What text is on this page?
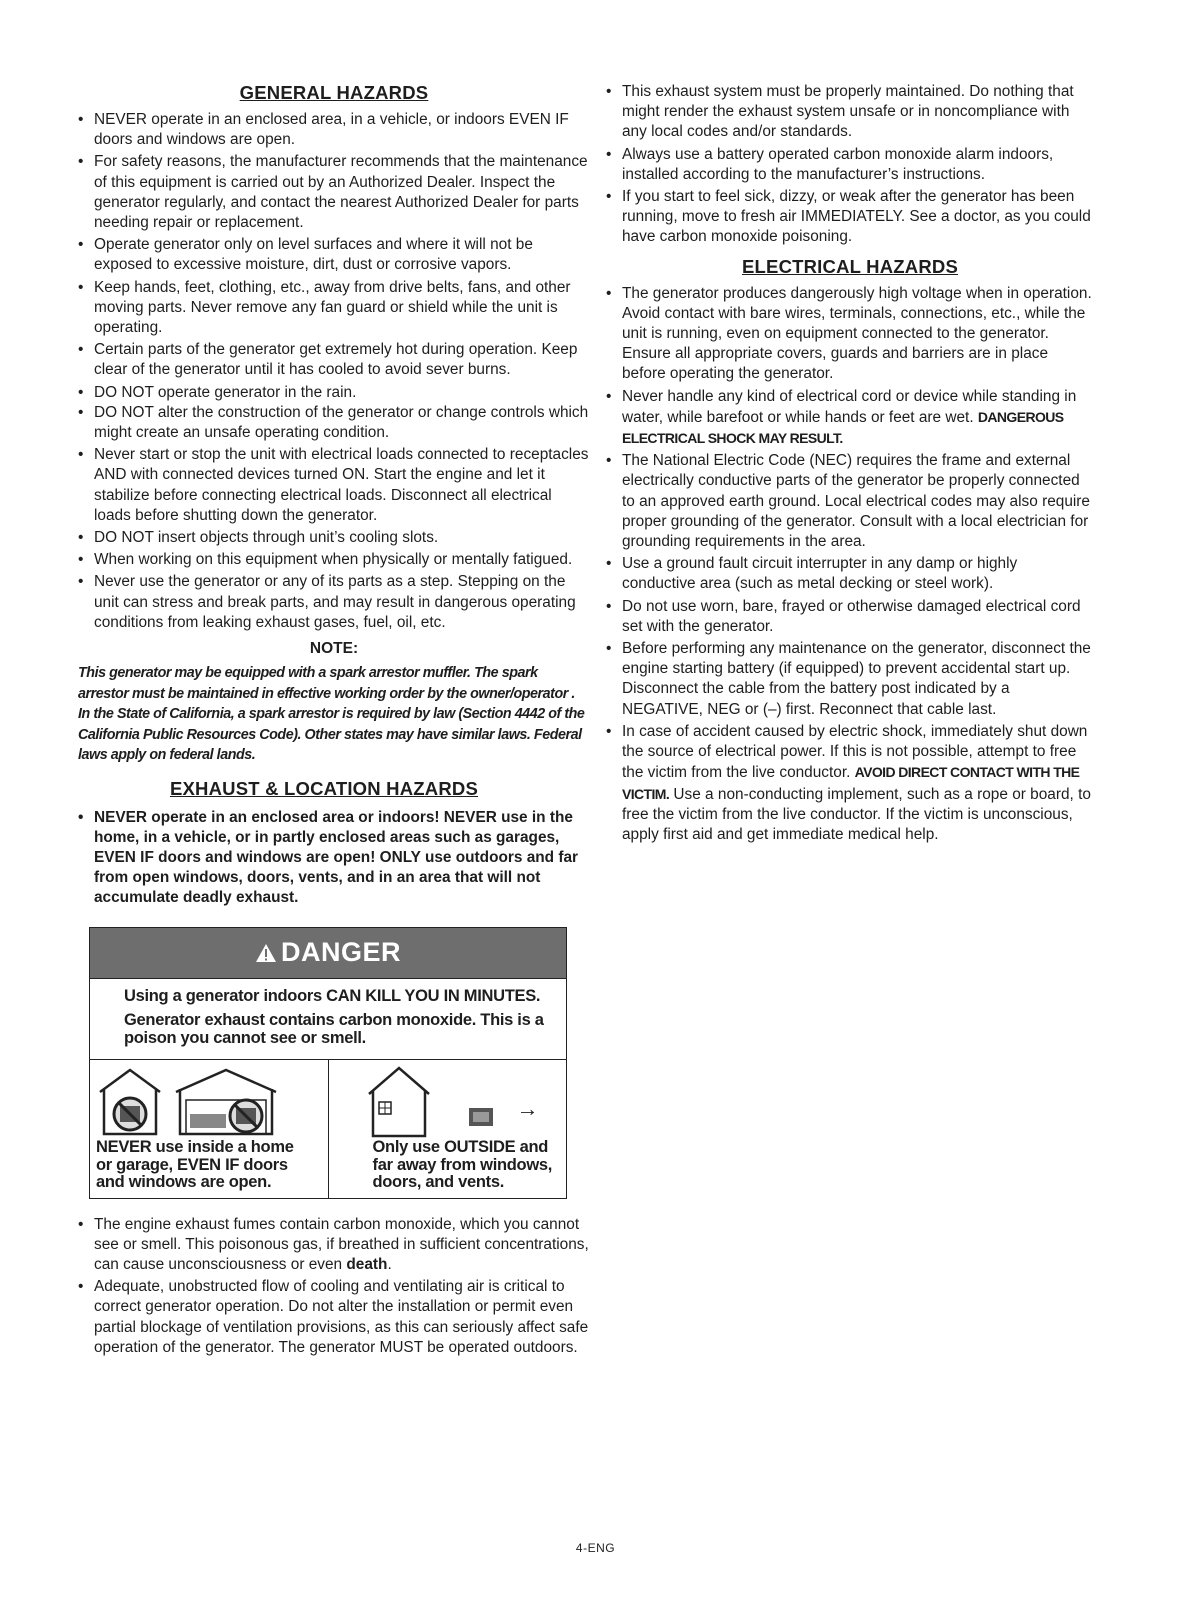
GENERAL HAZARDS
• NEVER operate in an enclosed area, in a vehicle, or indoors EVEN IF doors and windows are open.
• For safety reasons, the manufacturer recommends that the maintenance of this equipment is carried out by an Authorized Dealer. Inspect the generator regularly, and contact the nearest Authorized Dealer for parts needing repair or replacement.
• Operate generator only on level surfaces and where it will not be exposed to excessive moisture, dirt, dust or corrosive vapors.
• Keep hands, feet, clothing, etc., away from drive belts, fans, and other moving parts. Never remove any fan guard or shield while the unit is operating.
• Certain parts of the generator get extremely hot during operation. Keep clear of the generator until it has cooled to avoid sever burns.
• DO NOT operate generator in the rain.
• DO NOT alter the construction of the generator or change controls which might create an unsafe operating condition.
• Never start or stop the unit with electrical loads connected to receptacles AND with connected devices turned ON. Start the engine and let it stabilize before connecting electrical loads. Disconnect all electrical loads before shutting down the generator.
• DO NOT insert objects through unit’s cooling slots.
• When working on this equipment when physically or mentally fatigued.
• Never use the generator or any of its parts as a step. Stepping on the unit can stress and break parts, and may result in dangerous operating conditions from leaking exhaust gases, fuel, oil, etc.
NOTE:

This generator may be equipped with a spark arrestor muffler. The spark arrestor must be maintained in effective working order by the owner/operator . In the State of California, a spark arrestor is required by law (Section 4442 of the California Public Resources Code). Other states may have similar laws. Federal laws apply on federal lands.

EXHAUST & LOCATION HAZARDS
• NEVER operate in an enclosed area or indoors! NEVER use in the home, in a vehicle, or in partly enclosed areas such as garages, EVEN IF doors and windows are open! ONLY use outdoors and far from open windows, doors, vents, and in an area that will not accumulate deadly exhaust.
DANGER

Using a generator indoors CAN KILL YOU IN MINUTES.

Generator exhaust contains carbon monoxide. This is a poison you cannot see or smell.

NEVER use inside a home or garage, EVEN IF doors and windows are open.
→
Only use OUTSIDE and far away from windows, doors, and vents.
• The engine exhaust fumes contain carbon monoxide, which you cannot see or smell. This poisonous gas, if breathed in sufficient concentrations, can cause unconsciousness or even death.
• Adequate, unobstructed flow of cooling and ventilating air is critical to correct generator operation. Do not alter the installation or permit even partial blockage of ventilation provisions, as this can seriously affect safe operation of the generator. The generator MUST be operated outdoors.
• This exhaust system must be properly maintained. Do nothing that might render the exhaust system unsafe or in noncompliance with any local codes and/or standards.
• Always use a battery operated carbon monoxide alarm indoors, installed according to the manufacturer’s instructions.
• If you start to feel sick, dizzy, or weak after the generator has been running, move to fresh air IMMEDIATELY. See a doctor, as you could have carbon monoxide poisoning.
ELECTRICAL HAZARDS
• The generator produces dangerously high voltage when in operation. Avoid contact with bare wires, terminals, connections, etc., while the unit is running, even on equipment connected to the generator. Ensure all appropriate covers, guards and barriers are in place before operating the generator.
• Never handle any kind of electrical cord or device while standing in water, while barefoot or while hands or feet are wet. DANGEROUS ELECTRICAL SHOCK MAY RESULT.
• The National Electric Code (NEC) requires the frame and external electrically conductive parts of the generator be properly connected to an approved earth ground. Local electrical codes may also require proper grounding of the generator. Consult with a local electrician for grounding requirements in the area.
• Use a ground fault circuit interrupter in any damp or highly conductive area (such as metal decking or steel work).
• Do not use worn, bare, frayed or otherwise damaged electrical cord set with the generator.
• Before performing any maintenance on the generator, disconnect the engine starting battery (if equipped) to prevent accidental start up. Disconnect the cable from the battery post indicated by a NEGATIVE, NEG or (–) first. Reconnect that cable last.
• In case of accident caused by electric shock, immediately shut down the source of electrical power. If this is not possible, attempt to free the victim from the live conductor. AVOID DIRECT CONTACT WITH THE VICTIM. Use a non-conducting implement, such as a rope or board, to free the victim from the live conductor. If the victim is unconscious, apply first aid and get immediate medical help.
4-ENG
